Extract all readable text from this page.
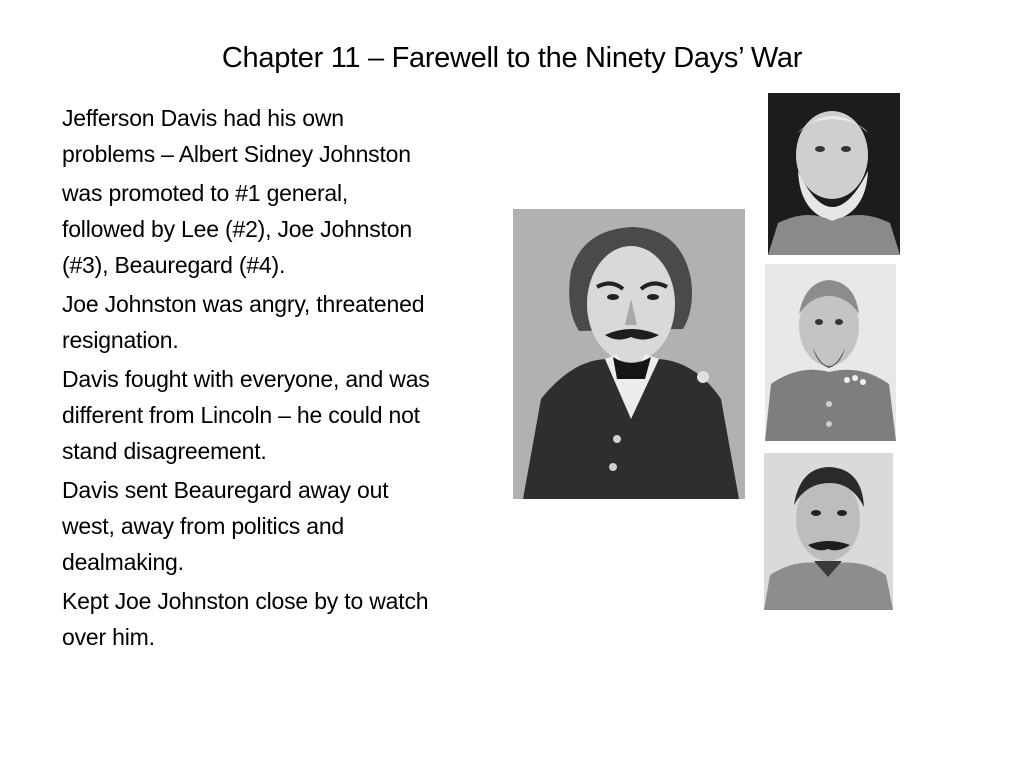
Chapter 11 – Farewell to the Ninety Days’ War

Jefferson Davis had his own
problems – Albert Sidney Johnston

was promoted to #1 general,
followed by Lee (#2), Joe Johnston
(#3), Beauregard (#4).

Joe Johnston was angry, threatened
resignation.

Davis fought with everyone, and was
different from Lincoln – he could not
stand disagreement.

Davis sent Beauregard away out
west, away from politics and
dealmaking.

Kept Joe Johnston close by to watch
over him.
